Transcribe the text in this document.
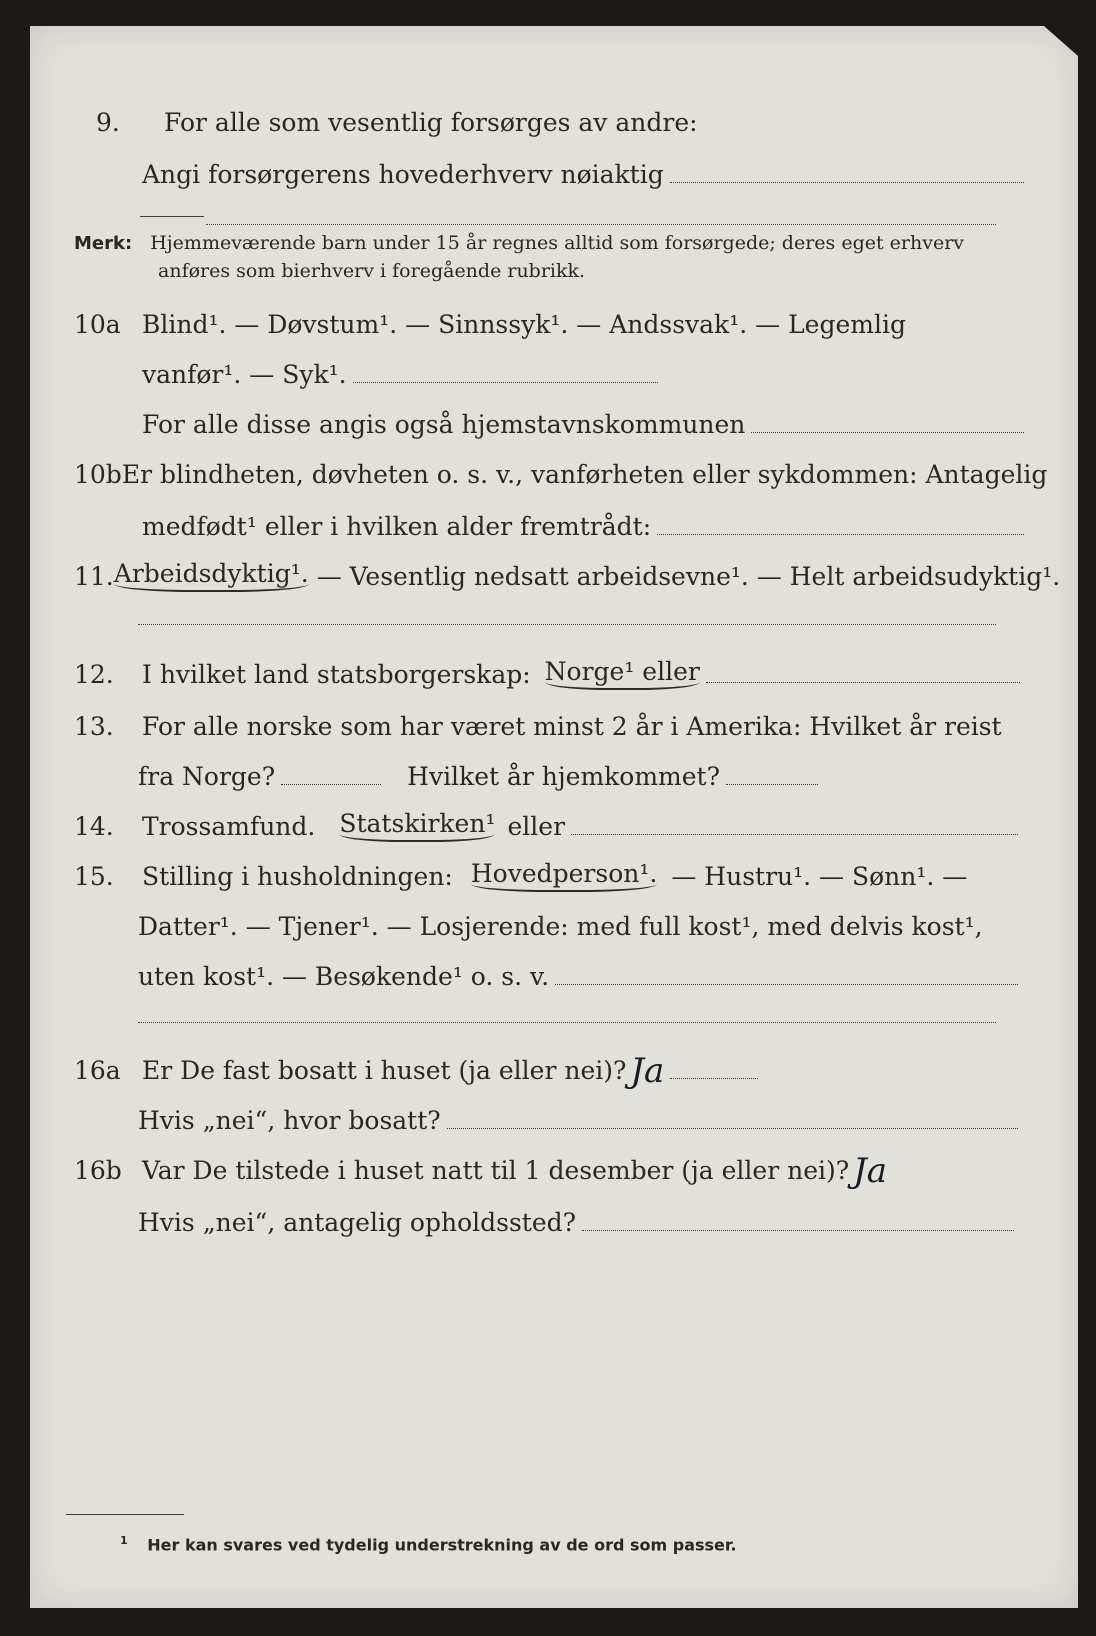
9.	For alle som vesentlig forsørges av andre:
Angi forsørgerens hovederhverv nøiaktig
Merk: Hjemmeværende barn under 15 år regnes alltid som forsørgede; deres eget erhverv
anføres som bierhverv i foregående rubrikk.
10a Blind¹. — Døvstum¹. — Sinnssyk¹. — Andssvak¹. — Legemlig
vanfør¹. — Syk¹.
For alle disse angis også hjemstavnskommunen
10b Er blindheten, døvheten o. s. v., vanførheten eller sykdommen: Antagelig
medfødt¹ eller i hvilken alder fremtrådt:
11. Arbeidsdyktig¹. — Vesentlig nedsatt arbeidsevne¹. — Helt arbeidsudyktig¹.
12.	I hvilket land statsborgerskap: Norge¹ eller
13.	For alle norske som har været minst 2 år i Amerika: Hvilket år reist
fra Norge?	Hvilket år hjemkommet?
14.	Trossamfund. Statskirken¹ eller
15.	Stilling i husholdningen: Hovedperson¹. — Hustru¹. — Sønn¹. —
Datter¹. — Tjener¹. — Losjerende: med full kost¹, med delvis kost¹,
uten kost¹. — Besøkende¹ o. s. v.
16a Er De fast bosatt i huset (ja eller nei)? Ja
Hvis „nei“, hvor bosatt?
16b Var De tilstede i huset natt til 1 desember (ja eller nei)? Ja
Hvis „nei“, antagelig opholdssted?
$^1$ Her kan svares ved tydelig understrekning av de ord som passer.
